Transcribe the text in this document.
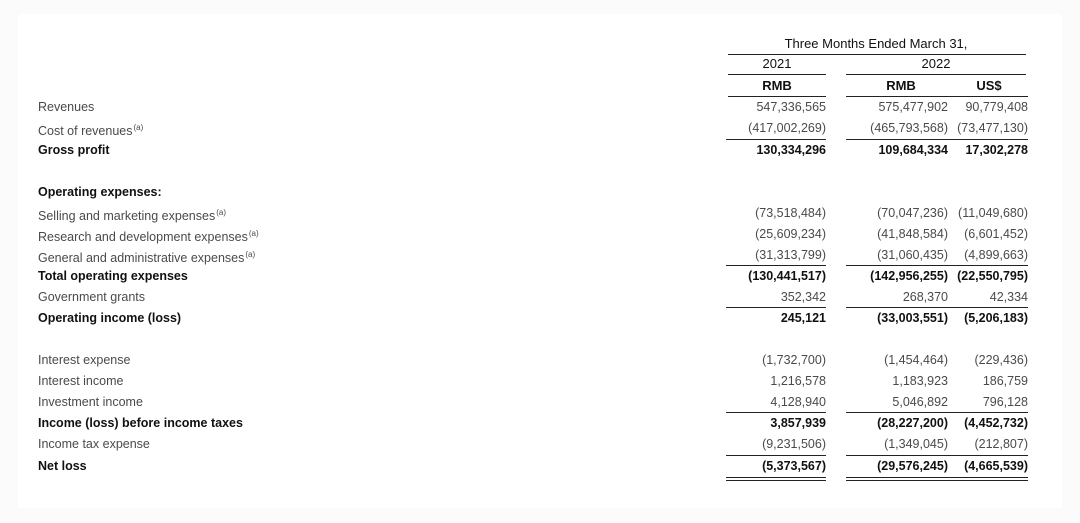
Three Months Ended March 31,
2021	2022
RMB	RMB	US$
Revenues	547,336,565	575,477,902 90,779,408
Cost of revenues$^{(a)}$	(417,002,269)	(465,793,568) (73,477,130)
Gross profit	130,334,296	109,684,334 17,302,278
Operating expenses:
Selling and marketing expenses$^{(a)}$	(73,518,484)	(70,047,236) (11,049,680)
Research and development expenses$^{(a)}$	(25,609,234)	(41,848,584) (6,601,452)
General and administrative expenses$^{(a)}$	(31,313,799)	(31,060,435) (4,899,663)
Total operating expenses	(130,441,517)	(142,956,255) (22,550,795)
Government grants	352,342	268,370	42,334
Operating income (loss)	245,121	(33,003,551) (5,206,183)
Interest expense	(1,732,700)	(1,454,464) (229,436)
Interest income	1,216,578	1,183,923	186,759
Investment income	4,128,940	5,046,892	796,128
Income (loss) before income taxes	3,857,939	(28,227,200) (4,452,732)
Income tax expense	(9,231,506)	(1,349,045) (212,807)
Net loss	(5,373,567)	(29,576,245) (4,665,539)
